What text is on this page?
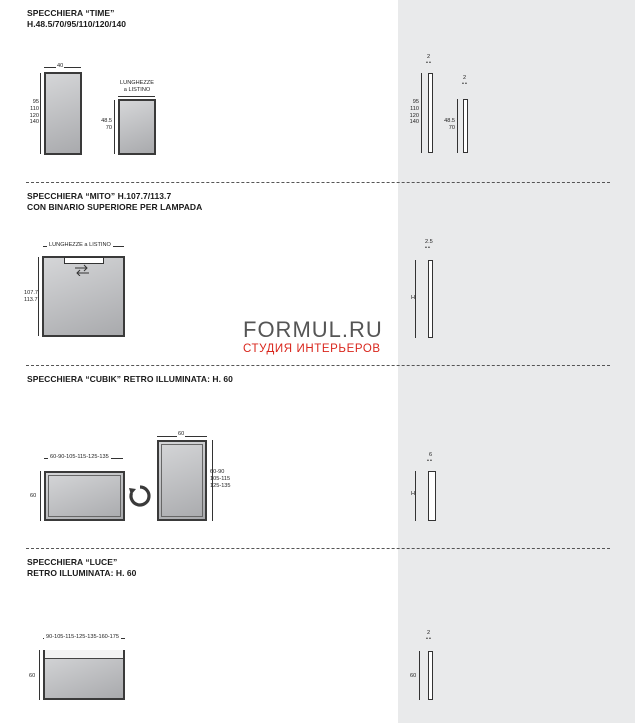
SPECCHIERA “TIME”
H.48.5/70/95/110/120/140
40
95
110
120
140
LUNGHEZZE
a LISTINO
48.5
70
2
••
95
110
120
140
2
••
48.5
70
SPECCHIERA “MITO” H.107.7/113.7
CON BINARIO SUPERIORE PER LAMPADA
LUNGHEZZE a LISTINO
107.7
113.7
2.5
••
H
FORMUL.RU
СТУДИЯ ИНТЕРЬЕРОВ
SPECCHIERA “CUBIK” RETRO ILLUMINATA: H. 60
60-90-105-115-125-135
60
60
60-90
105-115
125-135
6
••
H
SPECCHIERA “LUCE”
RETRO ILLUMINATA: H. 60
90-105-115-125-135-160-175
60
2
••
60
